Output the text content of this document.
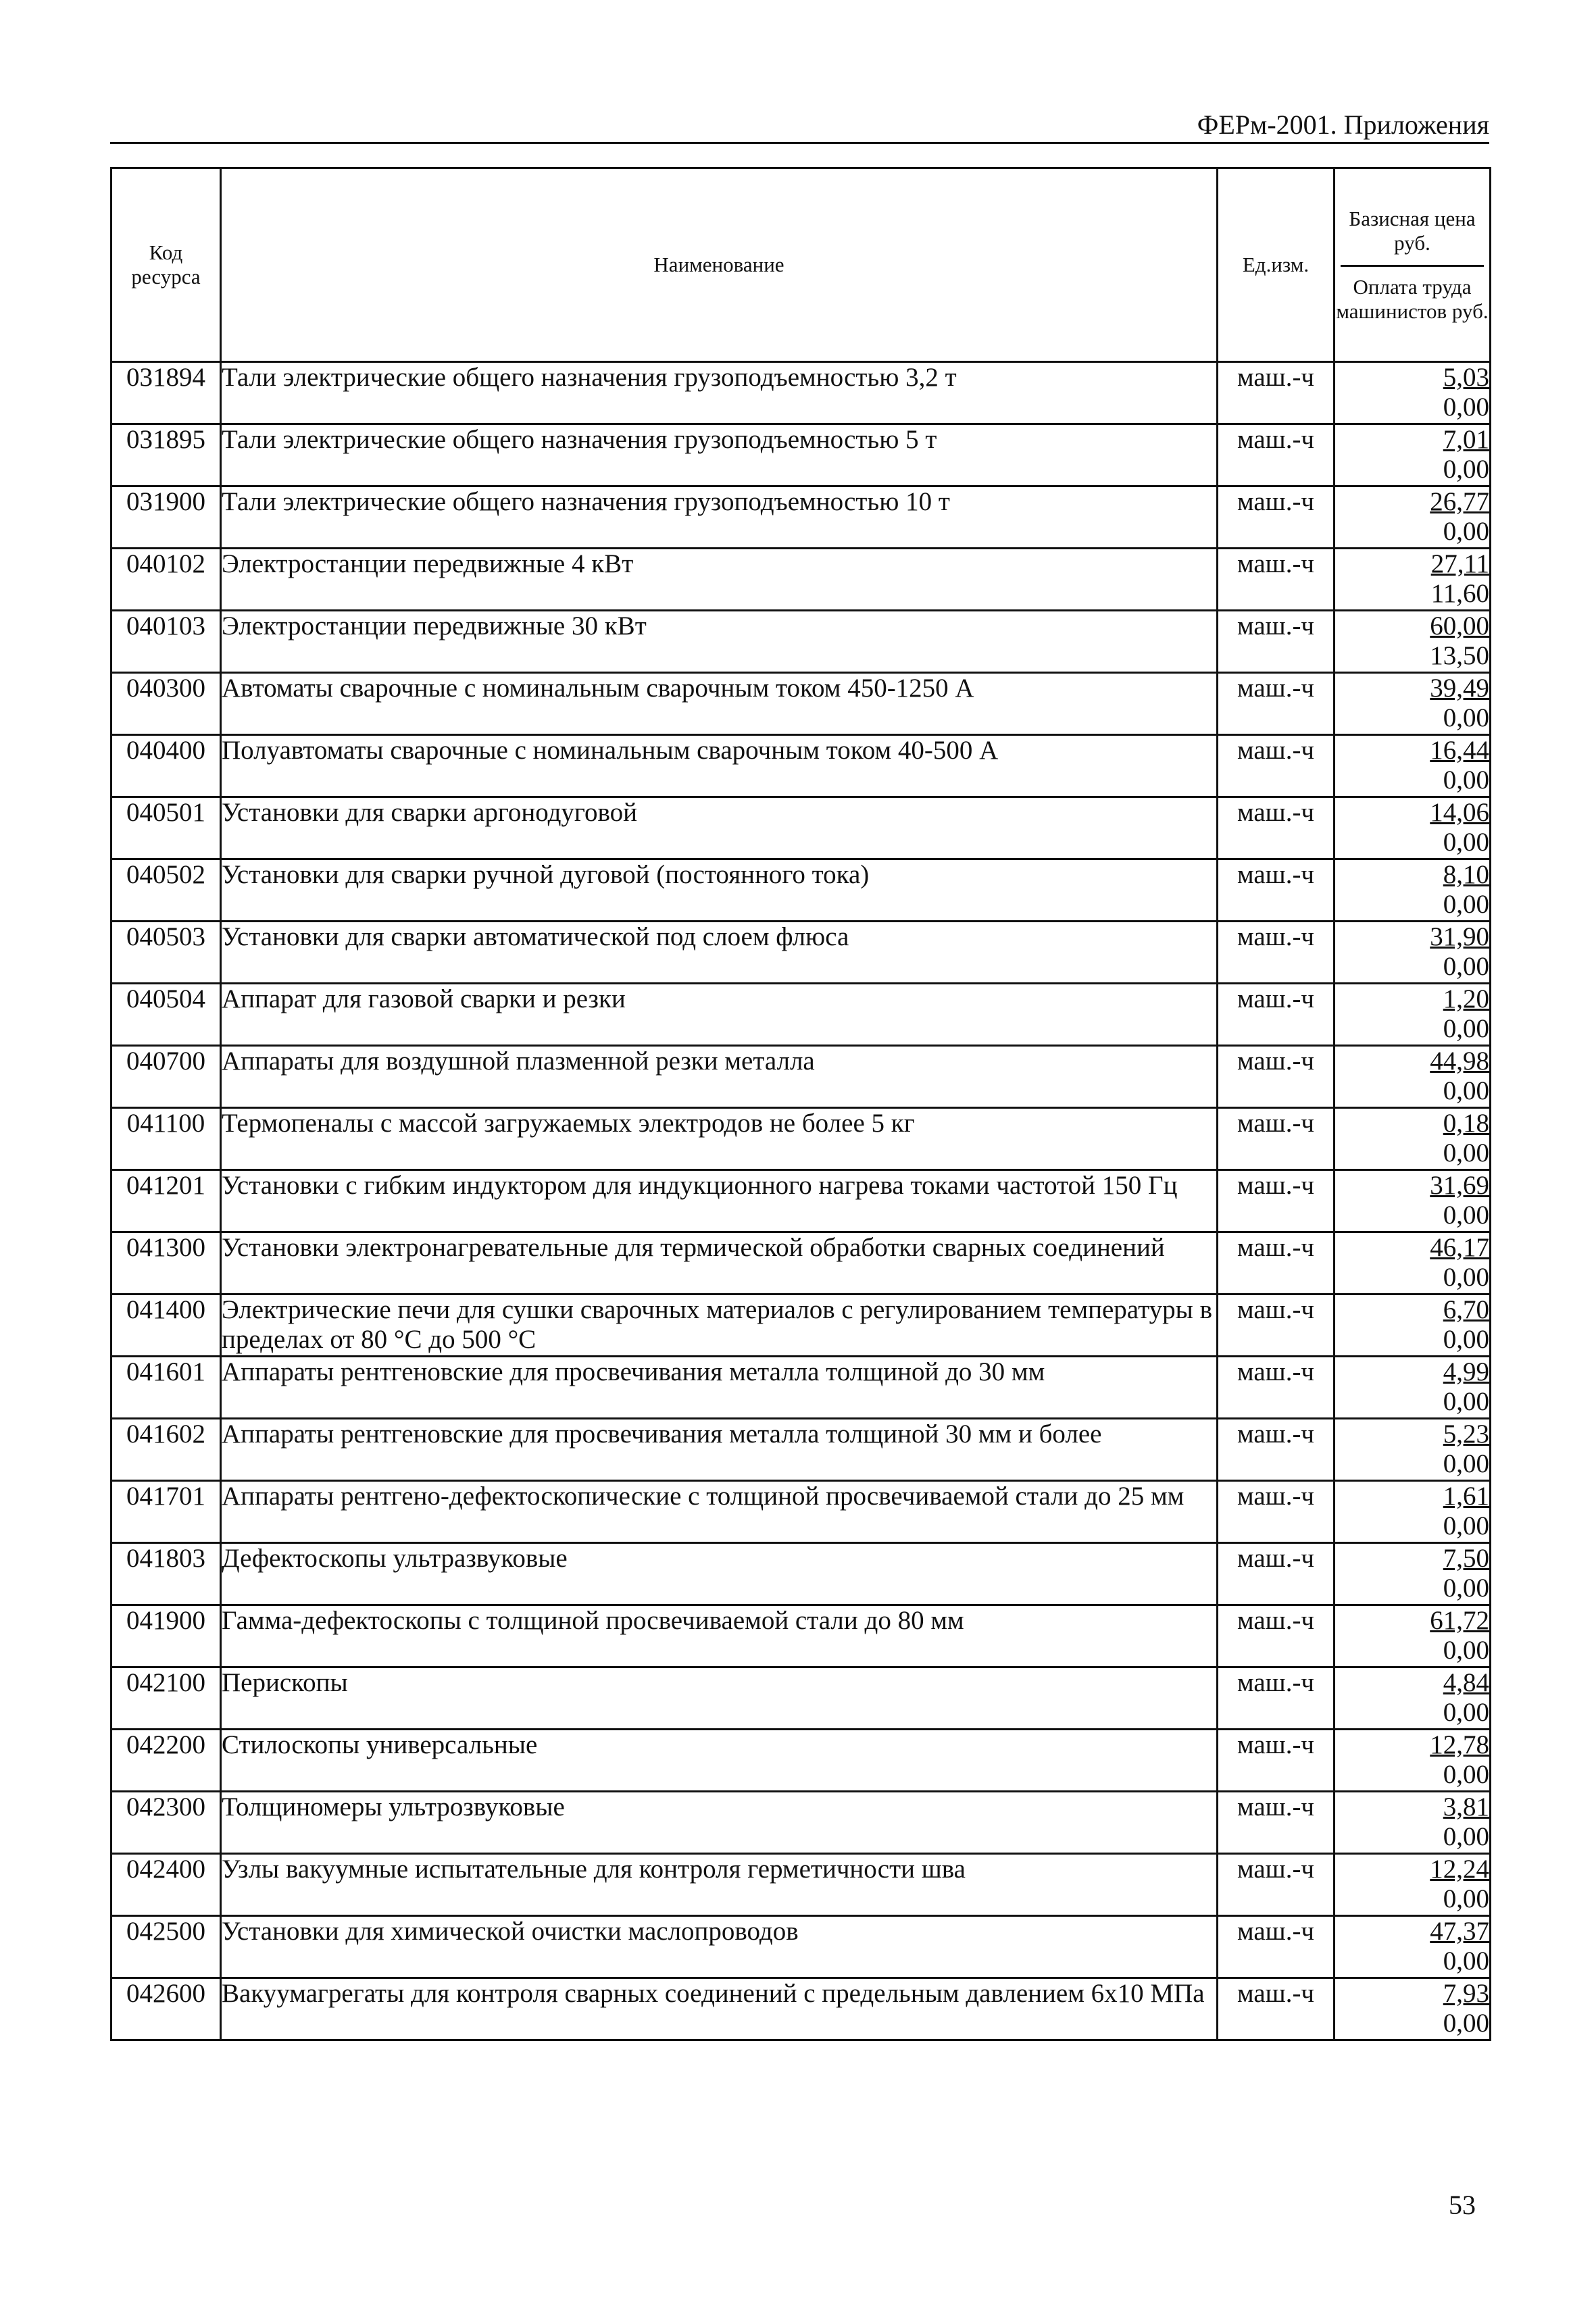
ФЕРм-2001. Приложения
Код ресурса	Наименование	Ед.изм.	Базисная цена руб.
Оплата труда машинистов руб.

031894	Тали электрические общего назначения грузоподъемностью 3,2 т	маш.-ч	5,03
0,00

031895	Тали электрические общего назначения грузоподъемностью 5 т	маш.-ч	7,01
0,00

031900	Тали электрические общего назначения грузоподъемностью 10 т	маш.-ч	26,77
0,00

040102	Электростанции передвижные 4 кВт	маш.-ч	27,11
11,60

040103	Электростанции передвижные 30 кВт	маш.-ч	60,00
13,50

040300	Автоматы сварочные с номинальным сварочным током 450-1250 А	маш.-ч	39,49
0,00

040400	Полуавтоматы сварочные с номинальным сварочным током 40-500 А	маш.-ч	16,44
0,00

040501	Установки для сварки аргонодуговой	маш.-ч	14,06
0,00

040502	Установки для сварки ручной дуговой (постоянного тока)	маш.-ч	8,10
0,00

040503	Установки для сварки автоматической под слоем флюса	маш.-ч	31,90
0,00

040504	Аппарат для газовой сварки и резки	маш.-ч	1,20
0,00

040700	Аппараты для воздушной плазменной резки металла	маш.-ч	44,98
0,00

041100	Термопеналы с массой загружаемых электродов не более 5 кг	маш.-ч	0,18
0,00

041201	Установки с гибким индуктором для индукционного нагрева токами частотой 150 Гц	маш.-ч	31,69
0,00

041300	Установки электронагревательные для термической обработки сварных соединений	маш.-ч	46,17
0,00

041400	Электрические печи для сушки сварочных материалов с регулированием температуры в пределах от 80 °С до 500 °С	маш.-ч	6,70
0,00

041601	Аппараты рентгеновские для просвечивания металла толщиной до 30 мм	маш.-ч	4,99
0,00

041602	Аппараты рентгеновские для просвечивания металла толщиной 30 мм и более	маш.-ч	5,23
0,00

041701	Аппараты рентгено-дефектоскопические с толщиной просвечиваемой стали до 25 мм	маш.-ч	1,61
0,00

041803	Дефектоскопы ультразвуковые	маш.-ч	7,50
0,00

041900	Гамма-дефектоскопы с толщиной просвечиваемой стали до 80 мм	маш.-ч	61,72
0,00

042100	Перископы	маш.-ч	4,84
0,00

042200	Стилоскопы универсальные	маш.-ч	12,78
0,00

042300	Толщиномеры ультрозвуковые	маш.-ч	3,81
0,00

042400	Узлы вакуумные испытательные для контроля герметичности шва	маш.-ч	12,24
0,00

042500	Установки для химической очистки маслопроводов	маш.-ч	47,37
0,00

042600	Вакуумагрегаты для контроля сварных соединений с предельным давлением 6x10 МПа	маш.-ч	7,93
0,00
53
